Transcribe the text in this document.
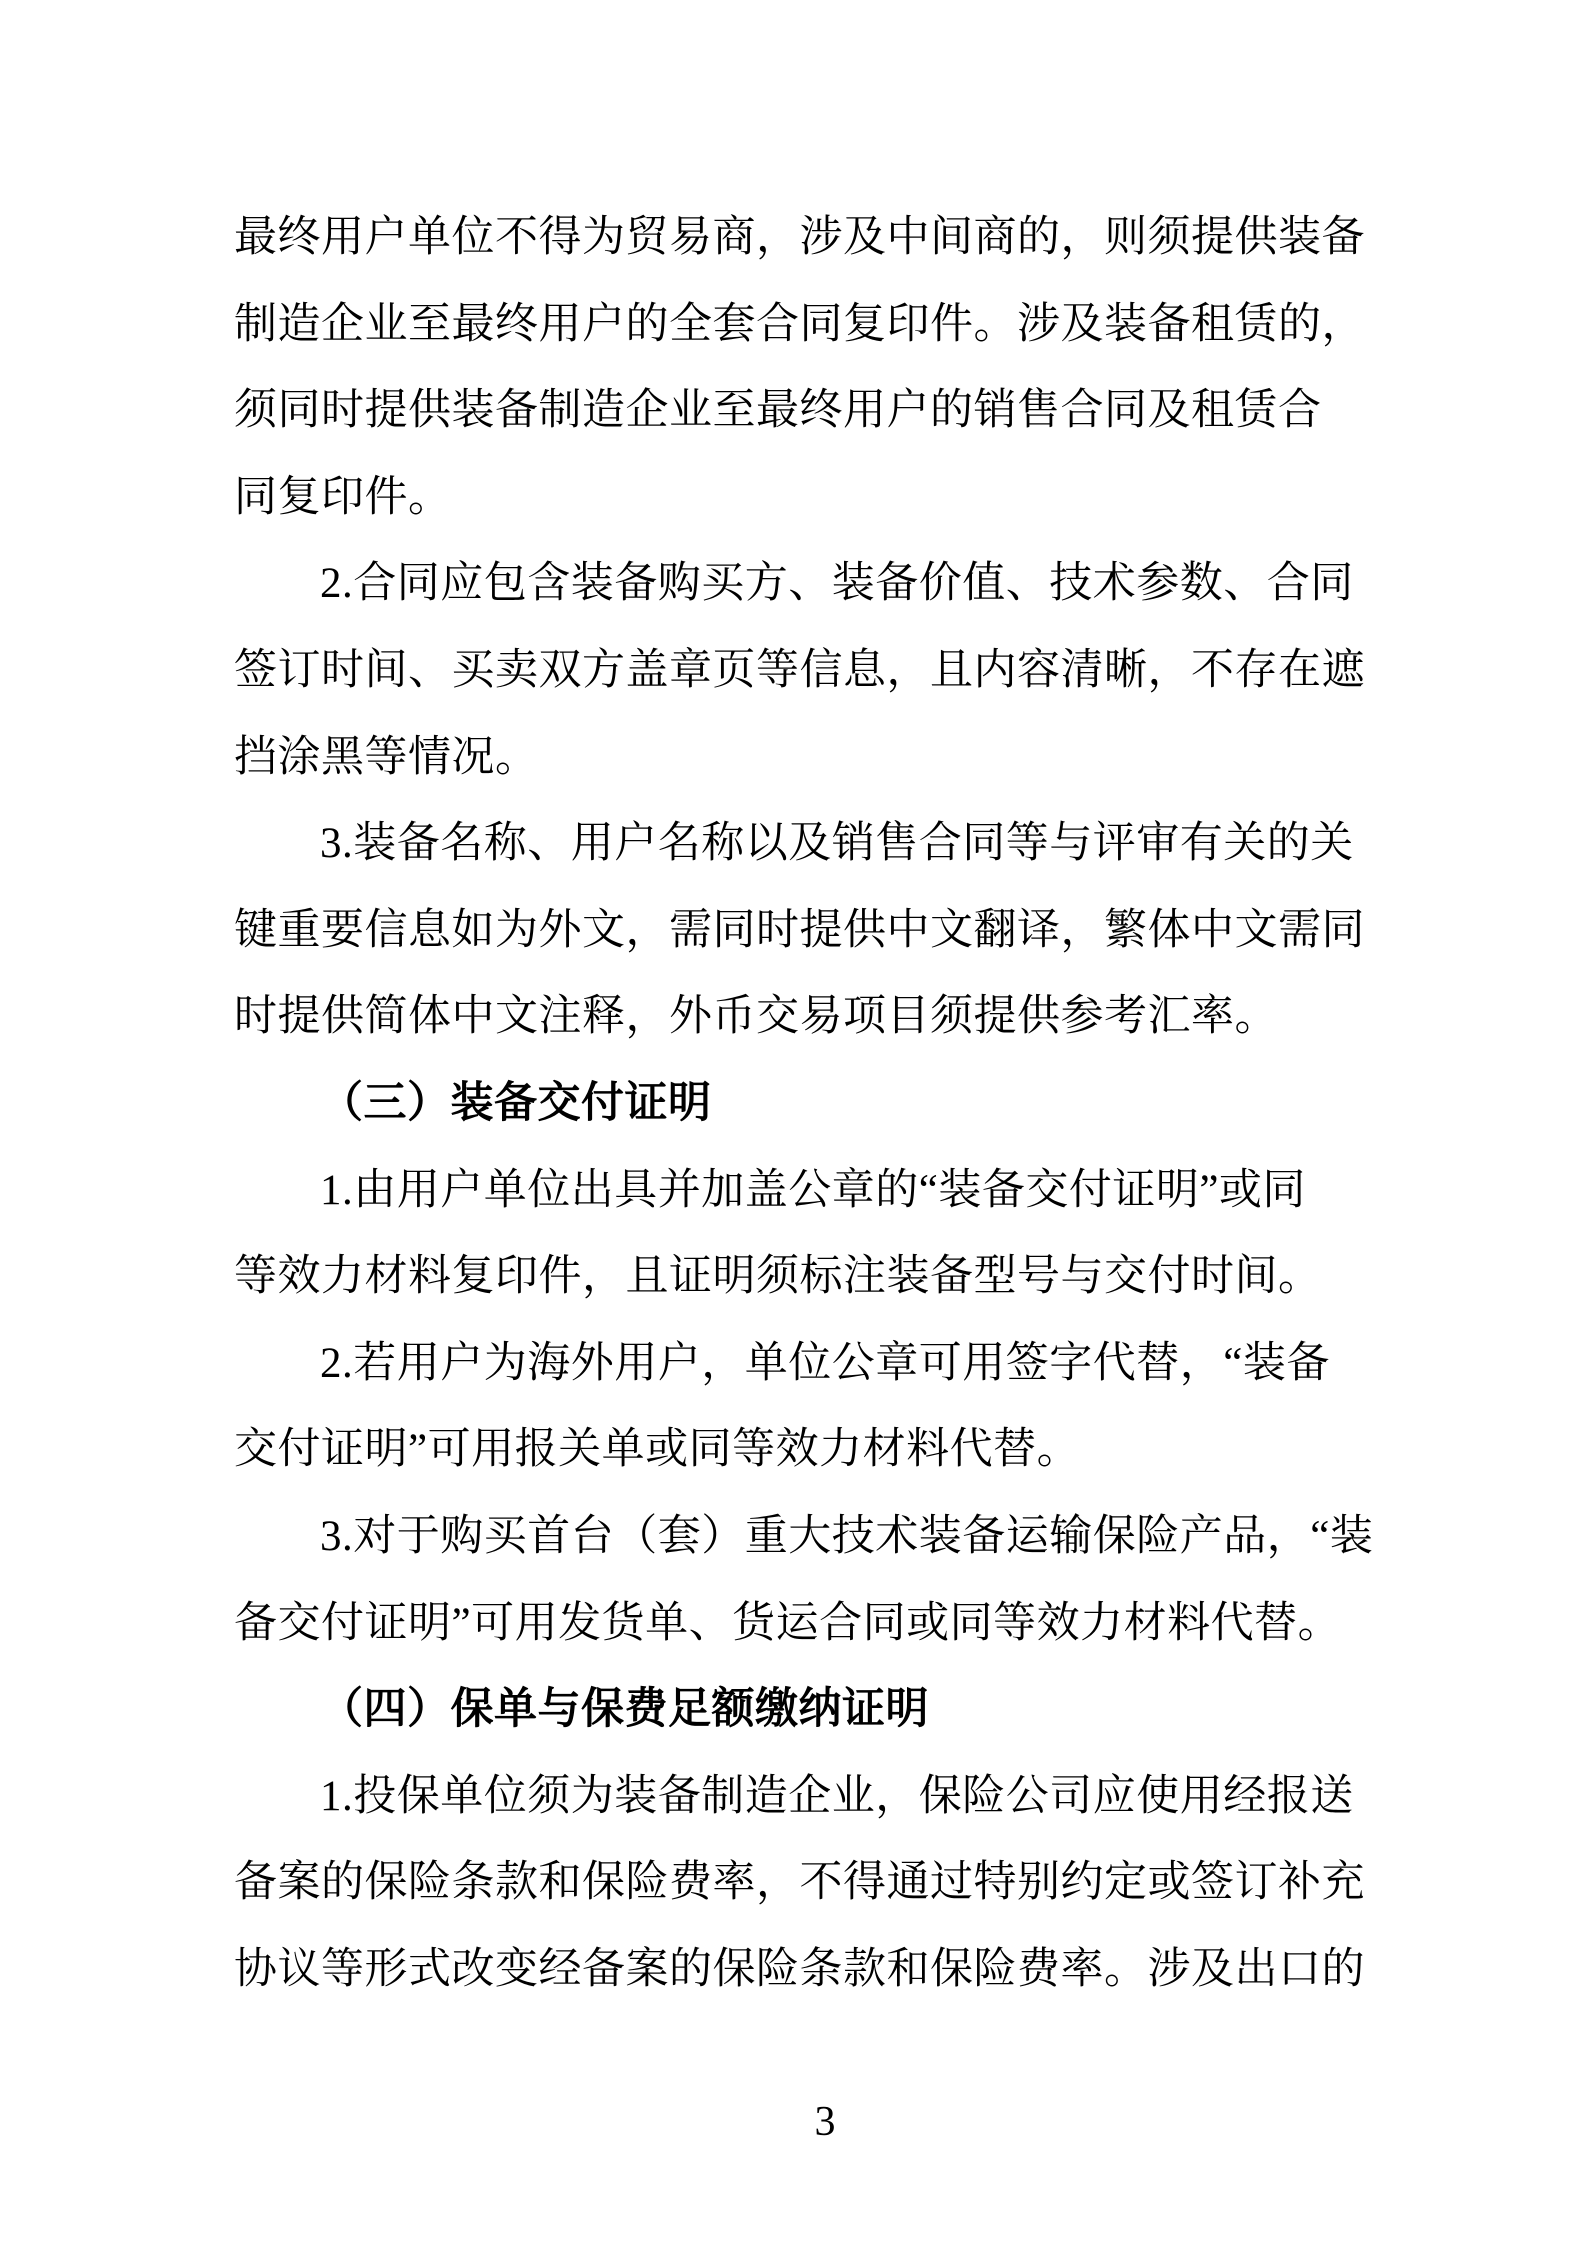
最终用户单位不得为贸易商，涉及中间商的，则须提供装备
制造企业至最终用户的全套合同复印件。涉及装备租赁的，
须同时提供装备制造企业至最终用户的销售合同及租赁合
同复印件。
2.合同应包含装备购买方、装备价值、技术参数、合同
签订时间、买卖双方盖章页等信息，且内容清晰，不存在遮
挡涂黑等情况。
3.装备名称、用户名称以及销售合同等与评审有关的关
键重要信息如为外文，需同时提供中文翻译，繁体中文需同
时提供简体中文注释，外币交易项目须提供参考汇率。
（三）装备交付证明
1.由用户单位出具并加盖公章的“装备交付证明”或同
等效力材料复印件，且证明须标注装备型号与交付时间。
2.若用户为海外用户，单位公章可用签字代替，“装备
交付证明”可用报关单或同等效力材料代替。
3.对于购买首台（套）重大技术装备运输保险产品，“装
备交付证明”可用发货单、货运合同或同等效力材料代替。
（四）保单与保费足额缴纳证明
1.投保单位须为装备制造企业，保险公司应使用经报送
备案的保险条款和保险费率，不得通过特别约定或签订补充
协议等形式改变经备案的保险条款和保险费率。涉及出口的
3
